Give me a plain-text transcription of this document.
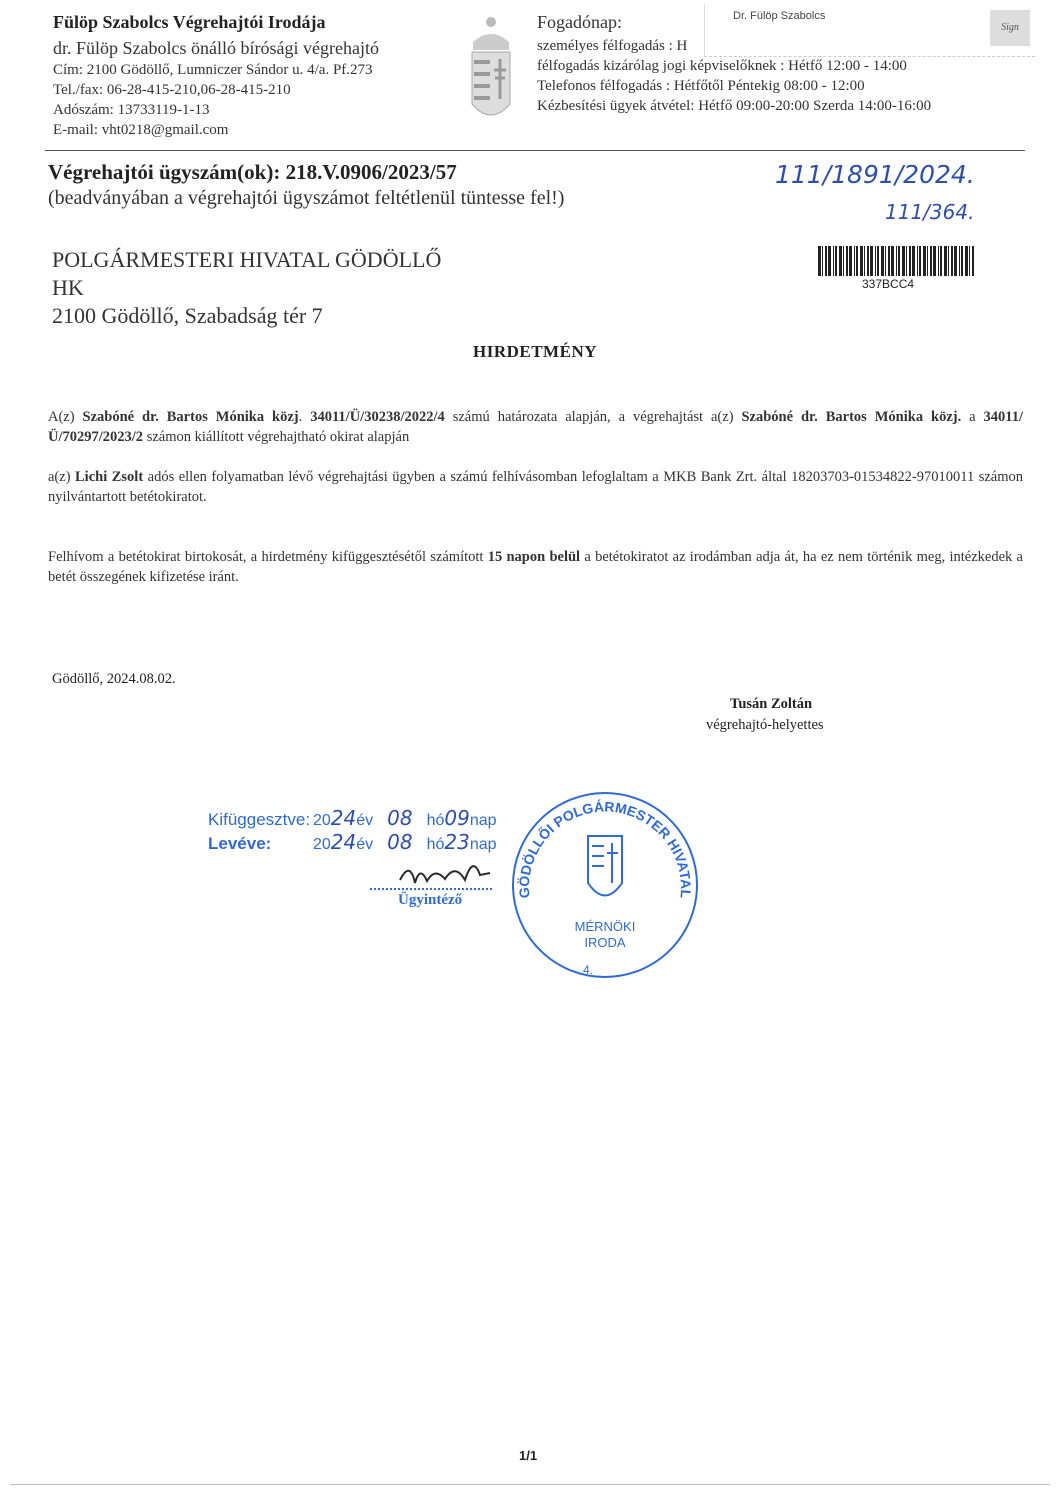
Fülöp Szabolcs Végrehajtói Irodája
dr. Fülöp Szabolcs önálló bírósági végrehajtó
Cím: 2100 Gödöllő, Lumniczer Sándor u. 4/a. Pf.273
Tel./fax: 06-28-415-210,06-28-415-210
Adószám: 13733119-1-13
E-mail: vht0218@gmail.com
Fogadónap:
személyes félfogadás : H
félfogadás kizárólag jogi képviselőknek : Hétfő 12:00 - 14:00
Telefonos félfogadás : Hétfőtől Péntekig 08:00 - 12:00
Kézbesítési ügyek átvétel: Hétfő 09:00-20:00 Szerda 14:00-16:00
Dr. Fülöp Szabolcs
Sign
Végrehajtói ügyszám(ok): 218.V.0906/2023/57
(beadványában a végrehajtói ügyszámot feltétlenül tüntesse fel!)
111/1891/2024.
111/364.
337BCC4
POLGÁRMESTERI HIVATAL GÖDÖLLŐ
HK
2100 Gödöllő, Szabadság tér 7
HIRDETMÉNY
A(z) Szabóné dr. Bartos Mónika közj. 34011/Ü/30238/2022/4 számú határozata alapján, a végrehajtást a(z) Szabóné dr. Bartos Mónika közj. a 34011/Ü/70297/2023/2 számon kiállított végrehajtható okirat alapján
a(z) Lichi Zsolt adós ellen folyamatban lévő végrehajtási ügyben a számú felhívásomban lefoglaltam a MKB Bank Zrt. által 18203703-01534822-97010011 számon nyilvántartott betétokiratot.
Felhívom a betétokirat birtokosát, a hirdetmény kifüggesztésétől számított 15 napon belül a betétokiratot az irodámban adja át, ha ez nem történik meg, intézkedek a betét összegének kifizetése iránt.
Gödöllő, 2024.08.02.
Tusán Zoltán
végrehajtó-helyettes
Kifüggesztve:
Levéve:
2024év 08 hó09nap
2024év 08 hó23nap
Ügyintéző	GÖDÖLLŐI POLGÁRMESTER HIVATAL
MÉRNÖKI
IRODA
4.
1/1
